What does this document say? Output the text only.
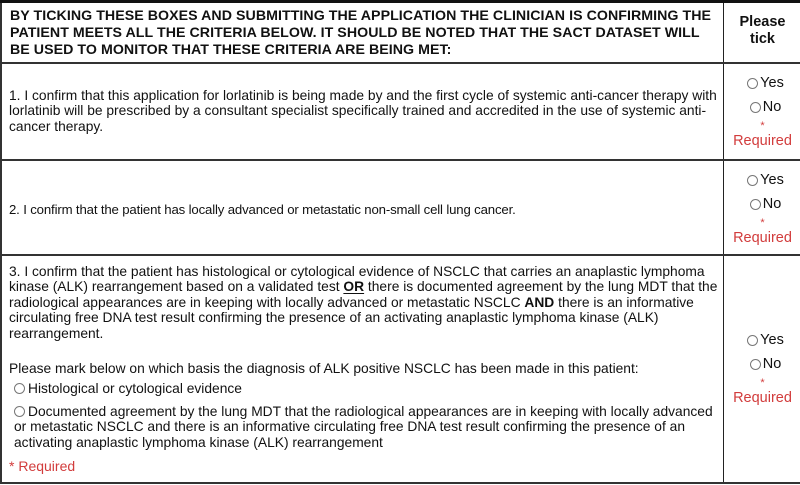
BY TICKING THESE BOXES AND SUBMITTING THE APPLICATION THE CLINICIAN IS CONFIRMING THE PATIENT MEETS ALL THE CRITERIA BELOW. IT SHOULD BE NOTED THAT THE SACT DATASET WILL BE USED TO MONITOR THAT THESE CRITERIA ARE BEING MET:
Please
tick
1. I confirm that this application for lorlatinib is being made by and the first cycle of systemic anti-cancer therapy with lorlatinib will be prescribed by a consultant specialist specifically trained and accredited in the use of systemic anti-cancer therapy.
Yes
No
*
Required
2. I confirm that the patient has locally advanced or metastatic non-small cell lung cancer.
Yes
No
*
Required
3. I confirm that the patient has histological or cytological evidence of NSCLC that carries an anaplastic lymphoma kinase (ALK) rearrangement based on a validated test OR there is documented agreement by the lung MDT that the radiological appearances are in keeping with locally advanced or metastatic NSCLC AND there is an informative circulating free DNA test result confirming the presence of an activating anaplastic lymphoma kinase (ALK) rearrangement.
Please mark below on which basis the diagnosis of ALK positive NSCLC has been made in this patient:
Histological or cytological evidence
Documented agreement by the lung MDT that the radiological appearances are in keeping with locally advanced or metastatic NSCLC and there is an informative circulating free DNA test result confirming the presence of an activating anaplastic lymphoma kinase (ALK) rearrangement
* Required
Yes
No
*
Required
